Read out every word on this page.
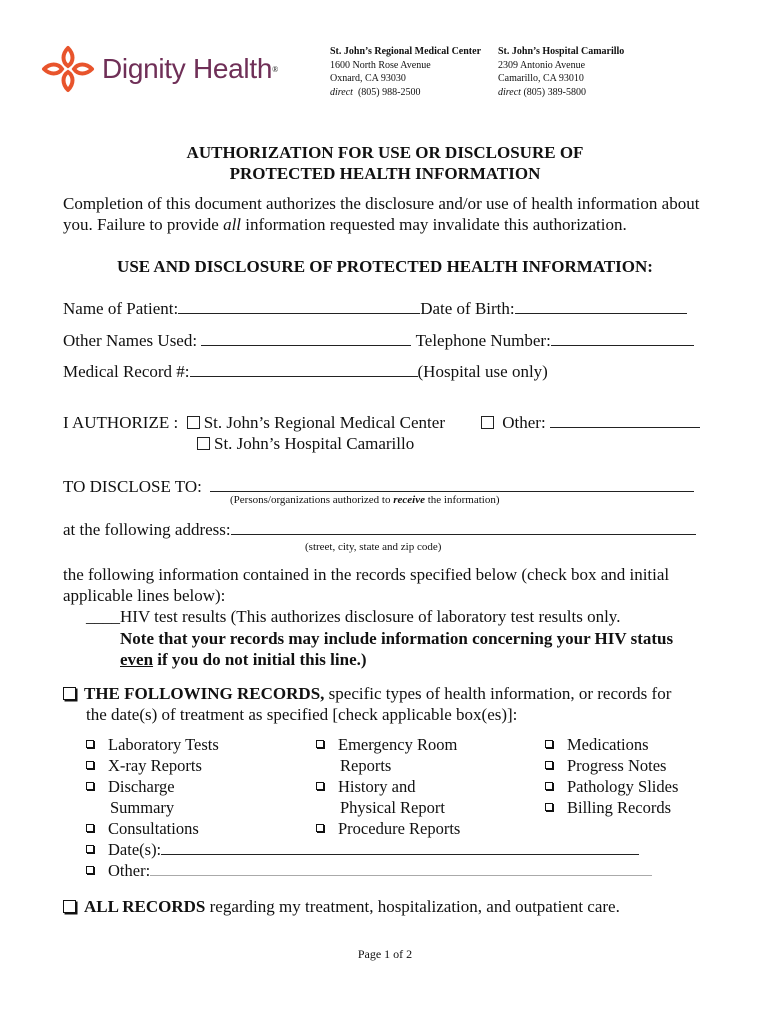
Dignity Health ®
St. John’s Regional Medical Center
1600 North Rose Avenue
Oxnard, CA 93030
direct (805) 988-2500
St. John’s Hospital Camarillo
2309 Antonio Avenue
Camarillo, CA 93010
direct (805) 389-5800
AUTHORIZATION FOR USE OR DISCLOSURE OF
PROTECTED HEALTH INFORMATION
Completion of this document authorizes the disclosure and/or use of health information about you. Failure to provide all information requested may invalidate this authorization.
USE AND DISCLOSURE OF PROTECTED HEALTH INFORMATION:
Name of Patient:	Date of Birth:
Other Names Used:	Telephone Number:
Medical Record #:	(Hospital use only)
I AUTHORIZE : St. John’s Regional Medical Center	Other:
St. John’s Hospital Camarillo
TO DISCLOSE TO:
(Persons/organizations authorized to receive the information)
at the following address:
(street, city, state and zip code)
the following information contained in the records specified below (check box and initial
applicable lines below):
____HIV test results (This authorizes disclosure of laboratory test results only.
Note that your records may include information concerning your HIV status
even if you do not initial this line.)
THE FOLLOWING RECORDS, specific types of health information, or records for
the date(s) of treatment as specified [check applicable box(es)]:
Laboratory Tests
X-ray Reports
Discharge
Summary
Consultations
Date(s):
Other:
Emergency Room
Reports
History and
Physical Report
Procedure Reports
Medications
Progress Notes
Pathology Slides
Billing Records
ALL RECORDS regarding my treatment, hospitalization, and outpatient care.
Page 1 of 2
